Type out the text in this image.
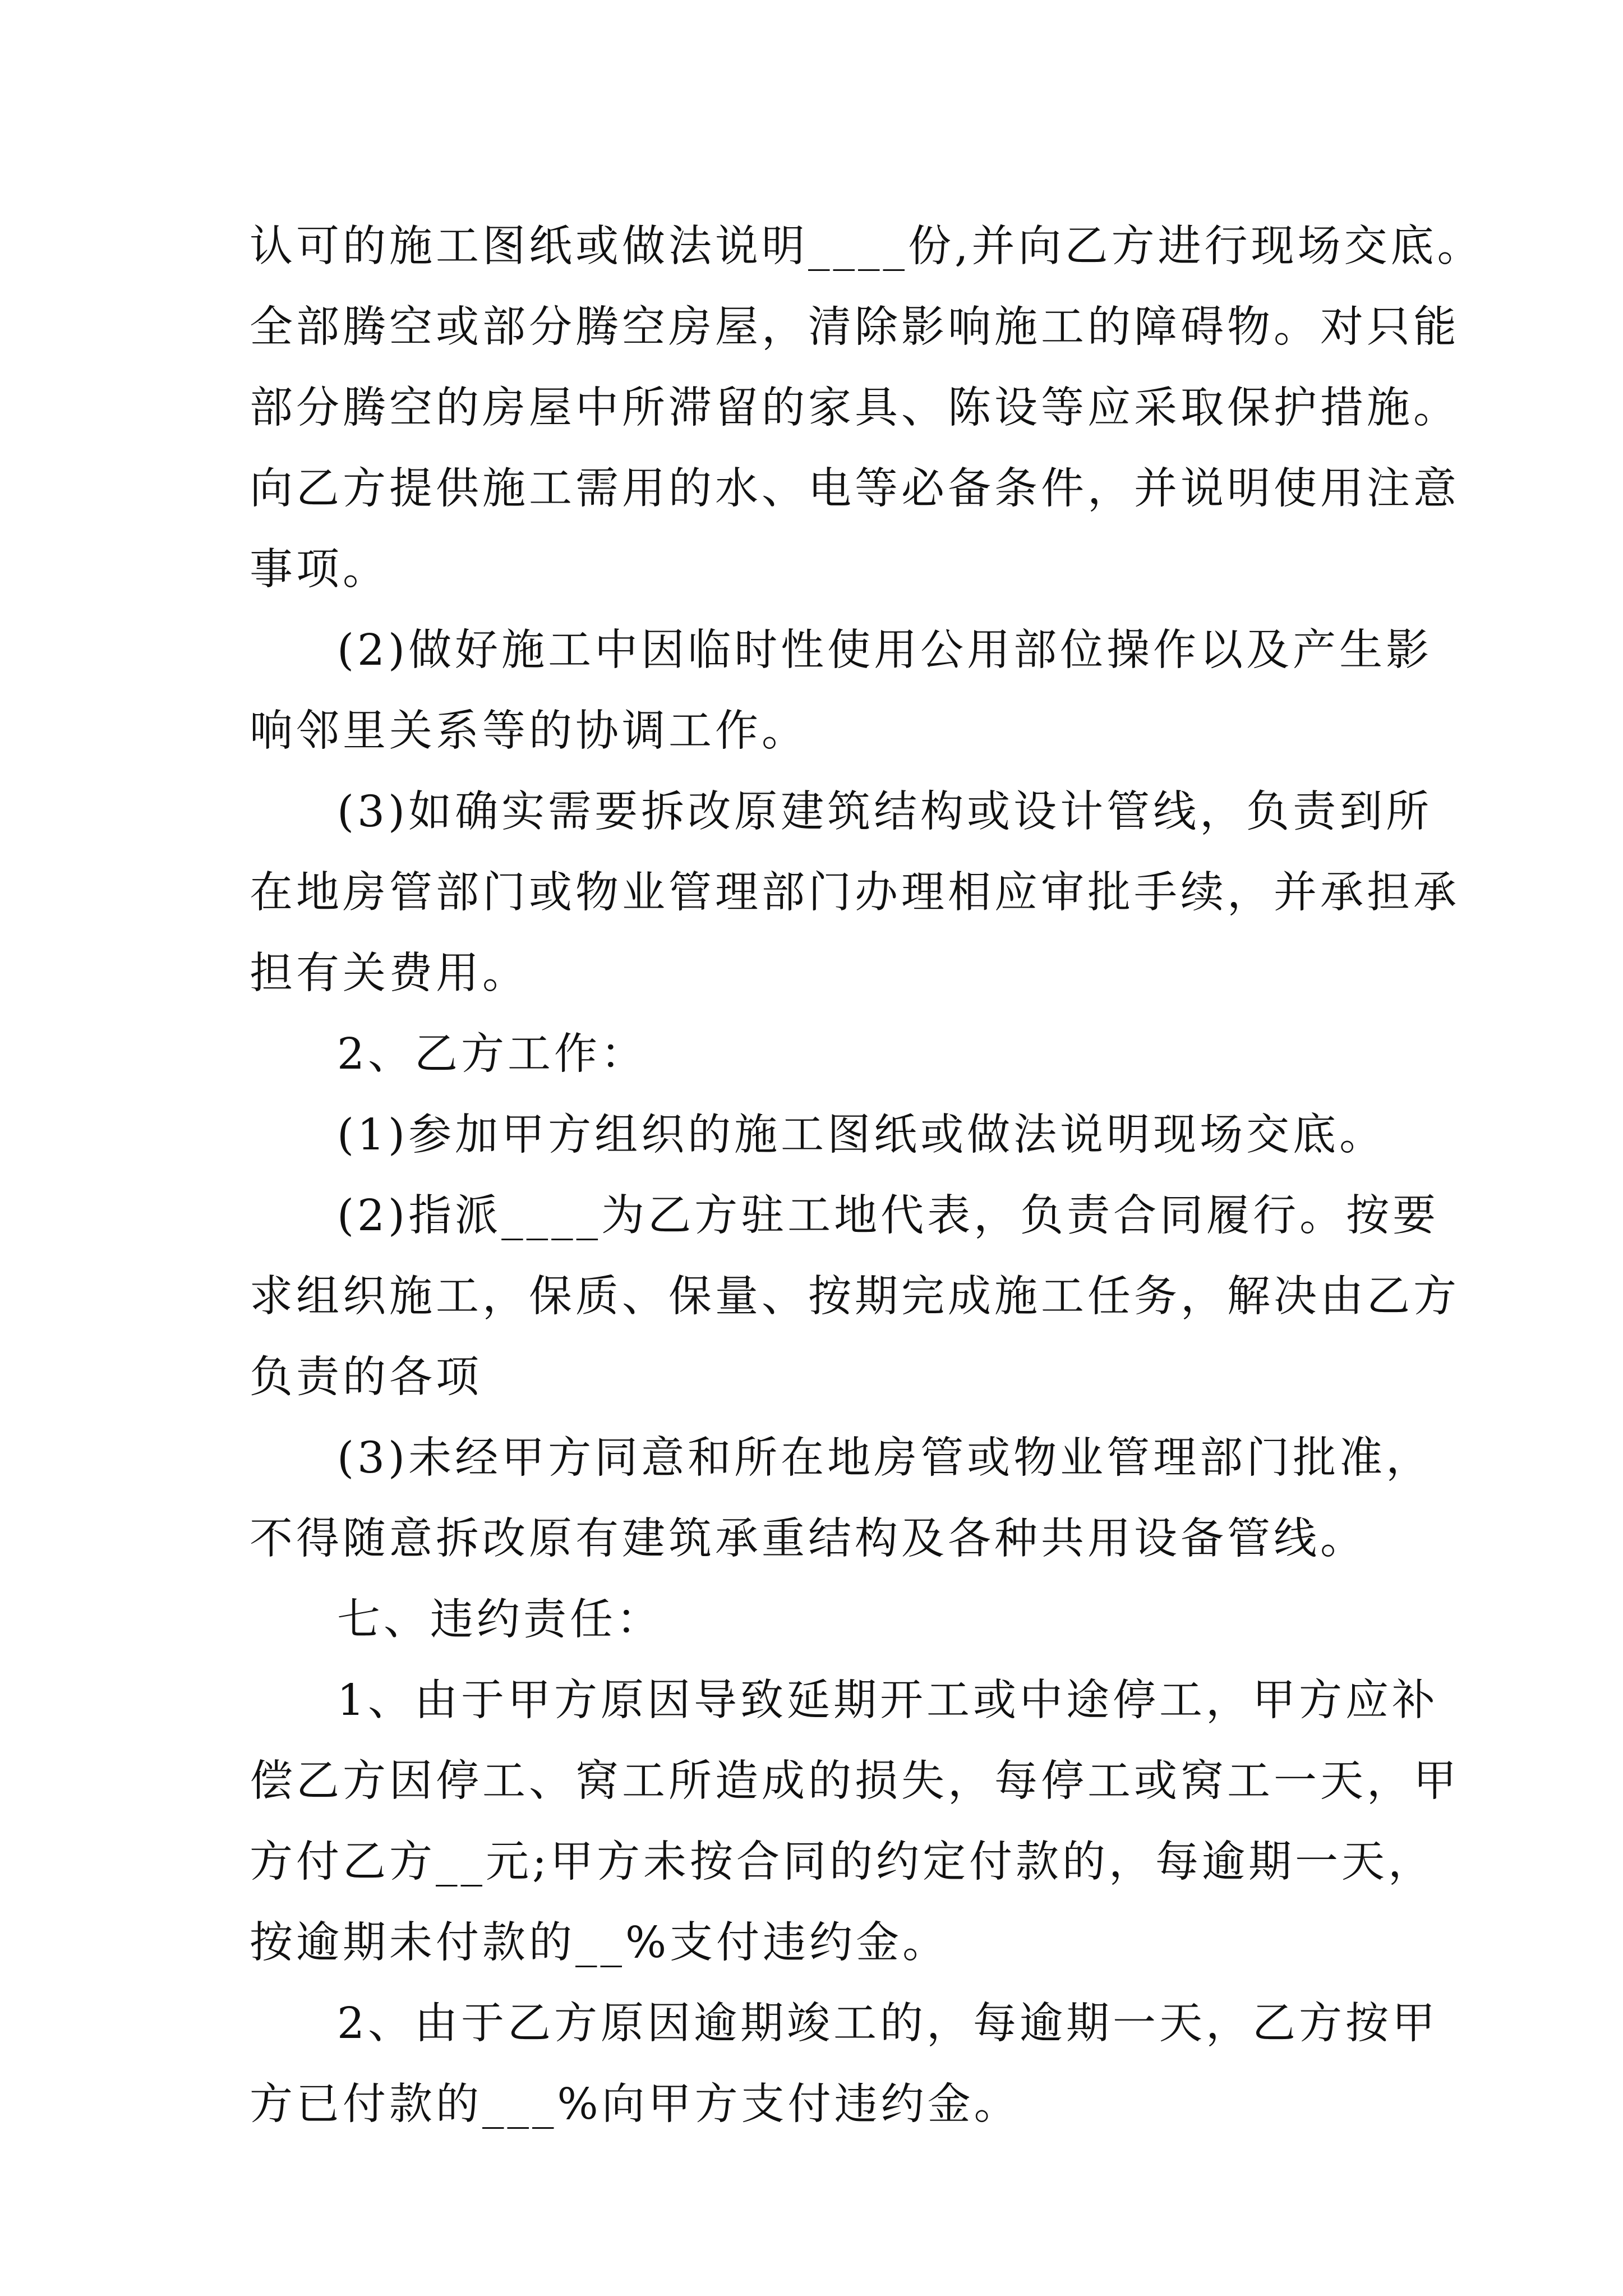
认可的施工图纸或做法说明____份,并向乙方进行现场交底。
全部腾空或部分腾空房屋，清除影响施工的障碍物。对只能
部分腾空的房屋中所滞留的家具、陈设等应采取保护措施。
向乙方提供施工需用的水、电等必备条件，并说明使用注意
事项。

(2)做好施工中因临时性使用公用部位操作以及产生影
响邻里关系等的协调工作。

(3)如确实需要拆改原建筑结构或设计管线，负责到所
在地房管部门或物业管理部门办理相应审批手续，并承担承
担有关费用。

2、乙方工作：

(1)参加甲方组织的施工图纸或做法说明现场交底。

(2)指派____为乙方驻工地代表，负责合同履行。按要
求组织施工，保质、保量、按期完成施工任务，解决由乙方
负责的各项

(3)未经甲方同意和所在地房管或物业管理部门批准，
不得随意拆改原有建筑承重结构及各种共用设备管线。

七、违约责任：

1、由于甲方原因导致延期开工或中途停工，甲方应补
偿乙方因停工、窝工所造成的损失，每停工或窝工一天，甲
方付乙方__元;甲方未按合同的约定付款的，每逾期一天，
按逾期未付款的__%支付违约金。

2、由于乙方原因逾期竣工的，每逾期一天，乙方按甲
方已付款的___%向甲方支付违约金。
